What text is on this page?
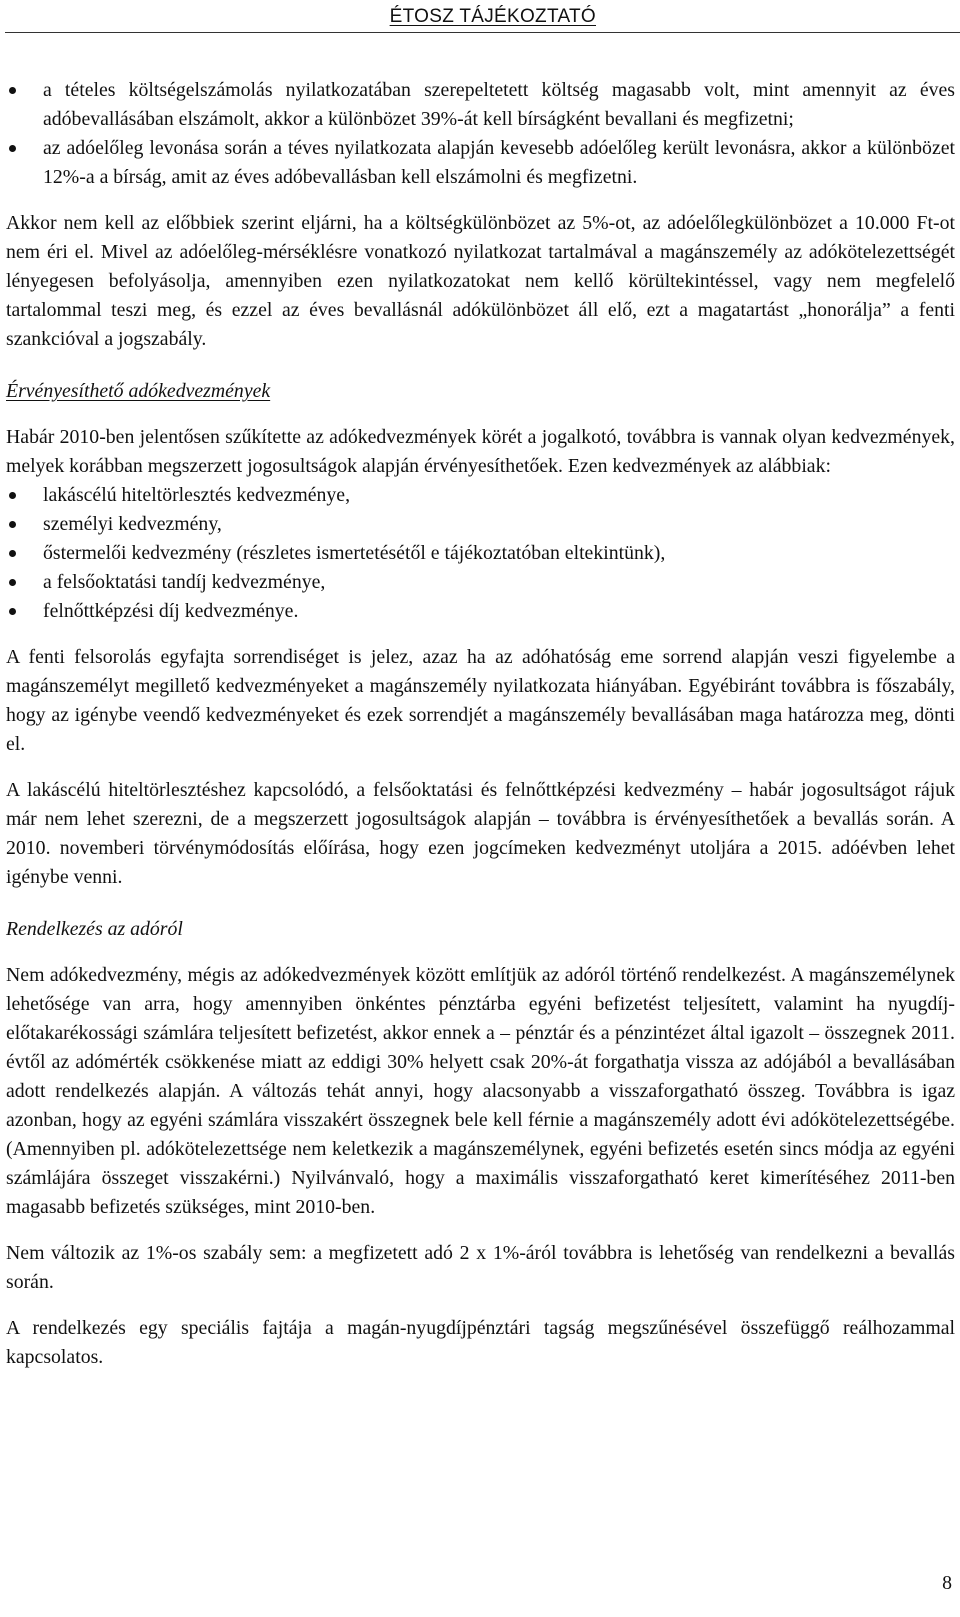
ÉTOSZ TÁJÉKOZTATÓ
a tételes költségelszámolás nyilatkozatában szerepeltetett költség magasabb volt, mint amennyit az éves adóbevallásában elszámolt, akkor a különbözet 39%-át kell bírságként bevallani és megfizetni;
az adóelőleg levonása során a téves nyilatkozata alapján kevesebb adóelőleg került levonásra, akkor a különbözet 12%-a a bírság, amit az éves adóbevallásban kell elszámolni és megfizetni.

Akkor nem kell az előbbiek szerint eljárni, ha a költségkülönbözet az 5%-ot, az adóelőlegkülönbözet a 10.000 Ft-ot nem éri el. Mivel az adóelőleg-mérséklésre vonatkozó nyilatkozat tartalmával a magánszemély az adókötelezettségét lényegesen befolyásolja, amennyiben ezen nyilatkozatokat nem kellő körültekintéssel, vagy nem megfelelő tartalommal teszi meg, és ezzel az éves bevallásnál adókülönbözet áll elő, ezt a magatartást „honorálja” a fenti szankcióval a jogszabály.

Érvényesíthető adókedvezmények

Habár 2010-ben jelentősen szűkítette az adókedvezmények körét a jogalkotó, továbbra is vannak olyan kedvezmények, melyek korábban megszerzett jogosultságok alapján érvényesíthetőek. Ezen kedvezmények az alábbiak:

lakáscélú hiteltörlesztés kedvezménye,
személyi kedvezmény,
őstermelői kedvezmény (részletes ismertetésétől e tájékoztatóban eltekintünk),
a felsőoktatási tandíj kedvezménye,
felnőttképzési díj kedvezménye.

A fenti felsorolás egyfajta sorrendiséget is jelez, azaz ha az adóhatóság eme sorrend alapján veszi figyelembe a magánszemélyt megillető kedvezményeket a magánszemély nyilatkozata hiányában. Egyébiránt továbbra is főszabály, hogy az igénybe veendő kedvezményeket és ezek sorrendjét a magánszemély bevallásában maga határozza meg, dönti el.

A lakáscélú hiteltörlesztéshez kapcsolódó, a felsőoktatási és felnőttképzési kedvezmény – habár jogosultságot rájuk már nem lehet szerezni, de a megszerzett jogosultságok alapján – továbbra is érvényesíthetőek a bevallás során. A 2010. novemberi törvénymódosítás előírása, hogy ezen jogcímeken kedvezményt utoljára a 2015. adóévben lehet igénybe venni.

Rendelkezés az adóról

Nem adókedvezmény, mégis az adókedvezmények között említjük az adóról történő rendelkezést. A magánszemélynek lehetősége van arra, hogy amennyiben önkéntes pénztárba egyéni befizetést teljesített, valamint ha nyugdíj-előtakarékossági számlára teljesített befizetést, akkor ennek a – pénztár és a pénzintézet által igazolt – összegnek 2011. évtől az adómérték csökkenése miatt az eddigi 30% helyett csak 20%-át forgathatja vissza az adójából a bevallásában adott rendelkezés alapján. A változás tehát annyi, hogy alacsonyabb a visszaforgatható összeg. Továbbra is igaz azonban, hogy az egyéni számlára visszakért összegnek bele kell férnie a magánszemély adott évi adókötelezettségébe. (Amennyiben pl. adókötelezettsége nem keletkezik a magánszemélynek, egyéni befizetés esetén sincs módja az egyéni számlájára összeget visszakérni.) Nyilvánvaló, hogy a maximális visszaforgatható keret kimerítéséhez 2011-ben magasabb befizetés szükséges, mint 2010-ben.

Nem változik az 1%-os szabály sem: a megfizetett adó 2 x 1%-áról továbbra is lehetőség van rendelkezni a bevallás során.

A rendelkezés egy speciális fajtája a magán-nyugdíjpénztári tagság megszűnésével összefüggő reálhozammal kapcsolatos.

8
